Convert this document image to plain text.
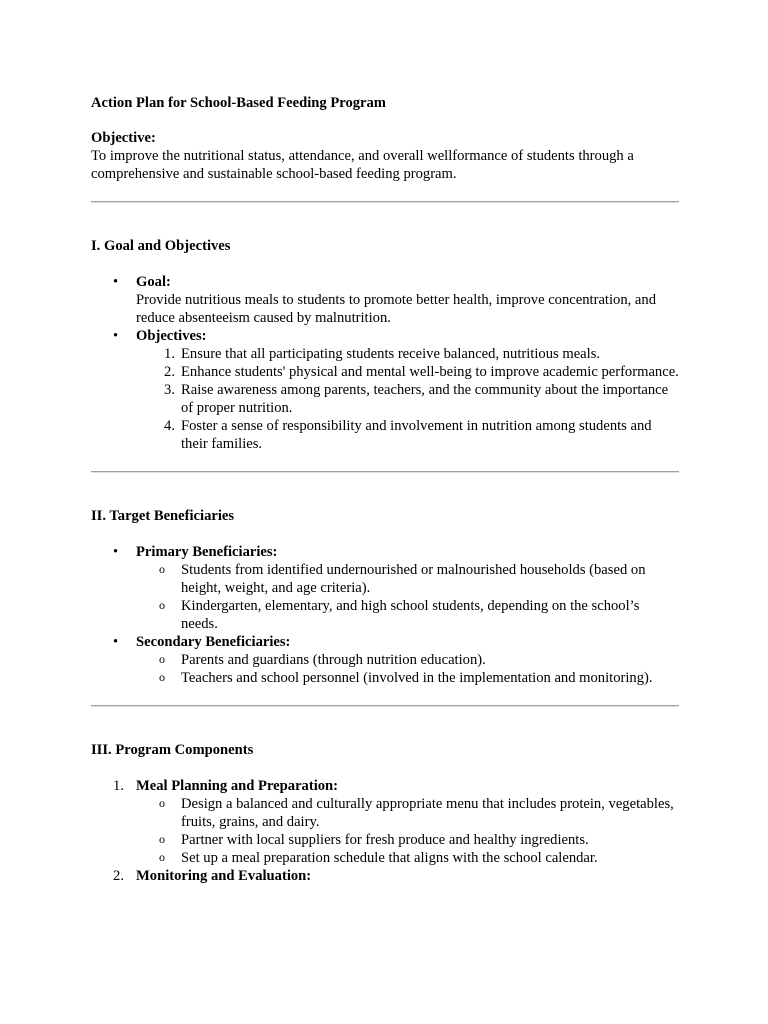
Action Plan for School-Based Feeding Program

Objective:

To improve the nutritional status, attendance, and overall wellformance of students through a comprehensive and sustainable school-based feeding program.

I. Goal and Objectives

•	Goal:
Provide nutritious meals to students to promote better health, improve concentration, and reduce absenteeism caused by malnutrition.
•	Objectives:
1. Ensure that all participating students receive balanced, nutritious meals.
2. Enhance students' physical and mental well-being to improve academic performance.
3. Raise awareness among parents, teachers, and the community about the importance of proper nutrition.
4. Foster a sense of responsibility and involvement in nutrition among students and their families.

II. Target Beneficiaries

•	Primary Beneficiaries:
o Students from identified undernourished or malnourished households (based on height, weight, and age criteria).
o Kindergarten, elementary, and high school students, depending on the school’s needs.
•	Secondary Beneficiaries:
o Parents and guardians (through nutrition education).
o Teachers and school personnel (involved in the implementation and monitoring).

III. Program Components

1. Meal Planning and Preparation:
o Design a balanced and culturally appropriate menu that includes protein, vegetables, fruits, grains, and dairy.
o Partner with local suppliers for fresh produce and healthy ingredients.
o Set up a meal preparation schedule that aligns with the school calendar.
2. Monitoring and Evaluation:
